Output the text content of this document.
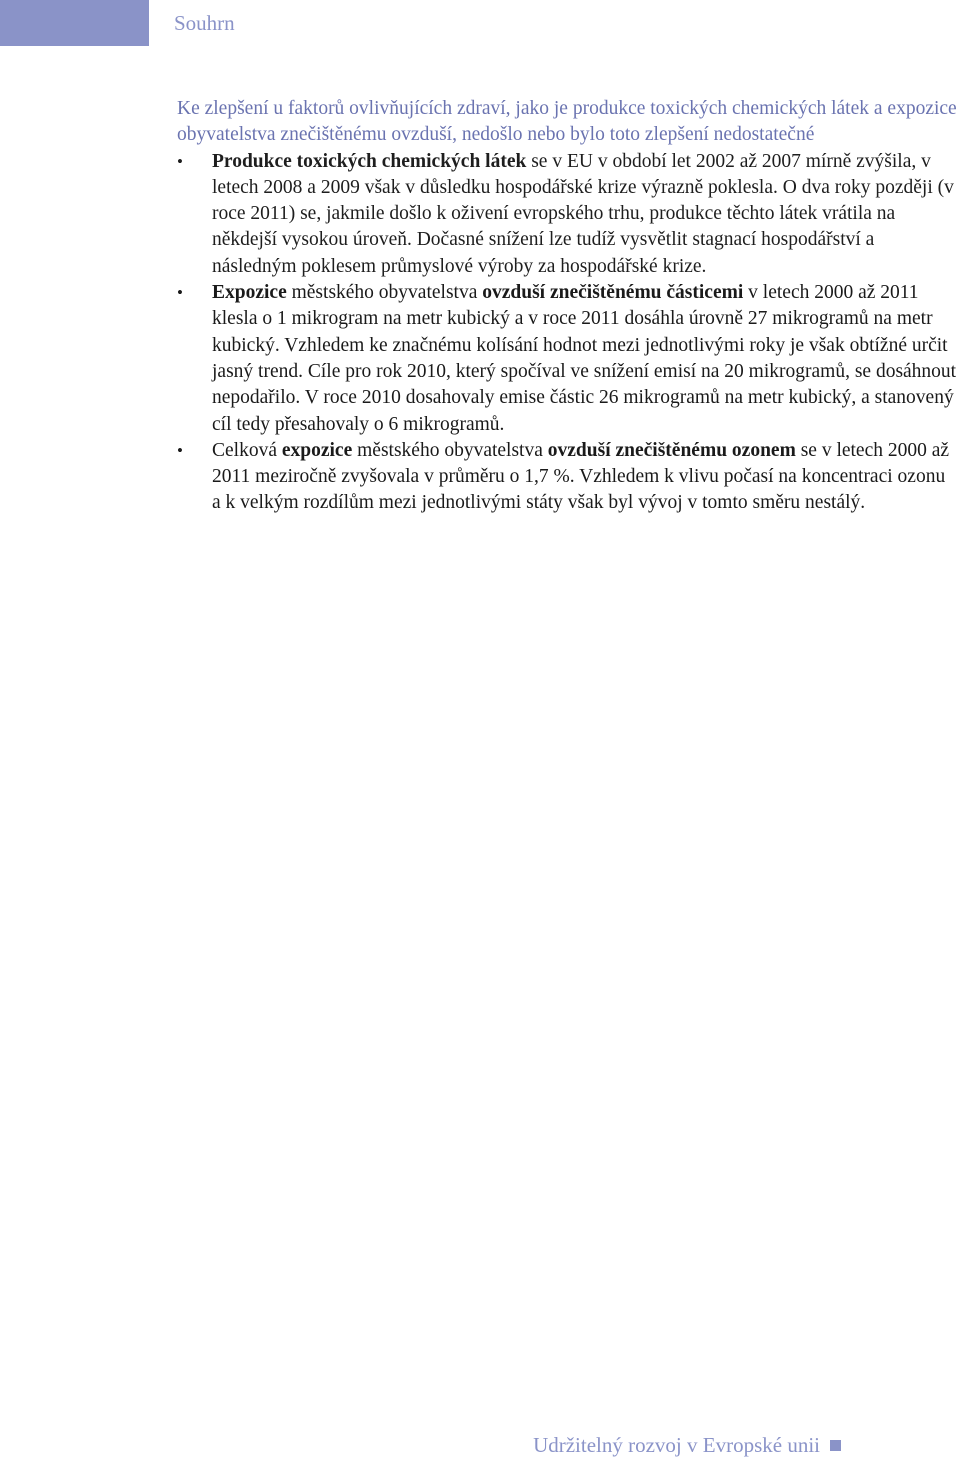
Souhrn

Ke zlepšení u faktorů ovlivňujících zdraví, jako je produkce toxických chemických látek a expozice obyvatelstva znečištěnému ovzduší, nedošlo nebo bylo toto zlepšení nedostatečné

• Produkce toxických chemických látek se v EU v období let 2002 až 2007 mírně zvýšila, v letech 2008 a 2009 však v důsledku hospodářské krize výrazně poklesla. O dva roky později (v roce 2011) se, jakmile došlo k oživení evropského trhu, produkce těchto látek vrátila na někdejší vysokou úroveň. Dočasné snížení lze tudíž vysvětlit stagnací hospodářství a následným poklesem průmyslové výroby za hospodářské krize.
• Expozice městského obyvatelstva ovzduší znečištěnému částicemi v letech 2000 až 2011 klesla o 1 mikrogram na metr kubický a v roce 2011 dosáhla úrovně 27 mikrogramů na metr kubický. Vzhledem ke značnému kolísání hodnot mezi jednotlivými roky je však obtížné určit jasný trend. Cíle pro rok 2010, který spočíval ve snížení emisí na 20 mikrogramů, se dosáhnout nepodařilo. V roce 2010 dosahovaly emise částic 26 mikrogramů na metr kubický, a stanovený cíl tedy přesahovaly o 6 mikrogramů.
• Celková expozice městského obyvatelstva ovzduší znečištěnému ozonem se v letech 2000 až 2011 meziročně zvyšovala v průměru o 1,7 %. Vzhledem k vlivu počasí na koncentraci ozonu a k velkým rozdílům mezi jednotlivými státy však byl vývoj v tomto směru nestálý.
Udržitelný rozvoj v Evropské unii
